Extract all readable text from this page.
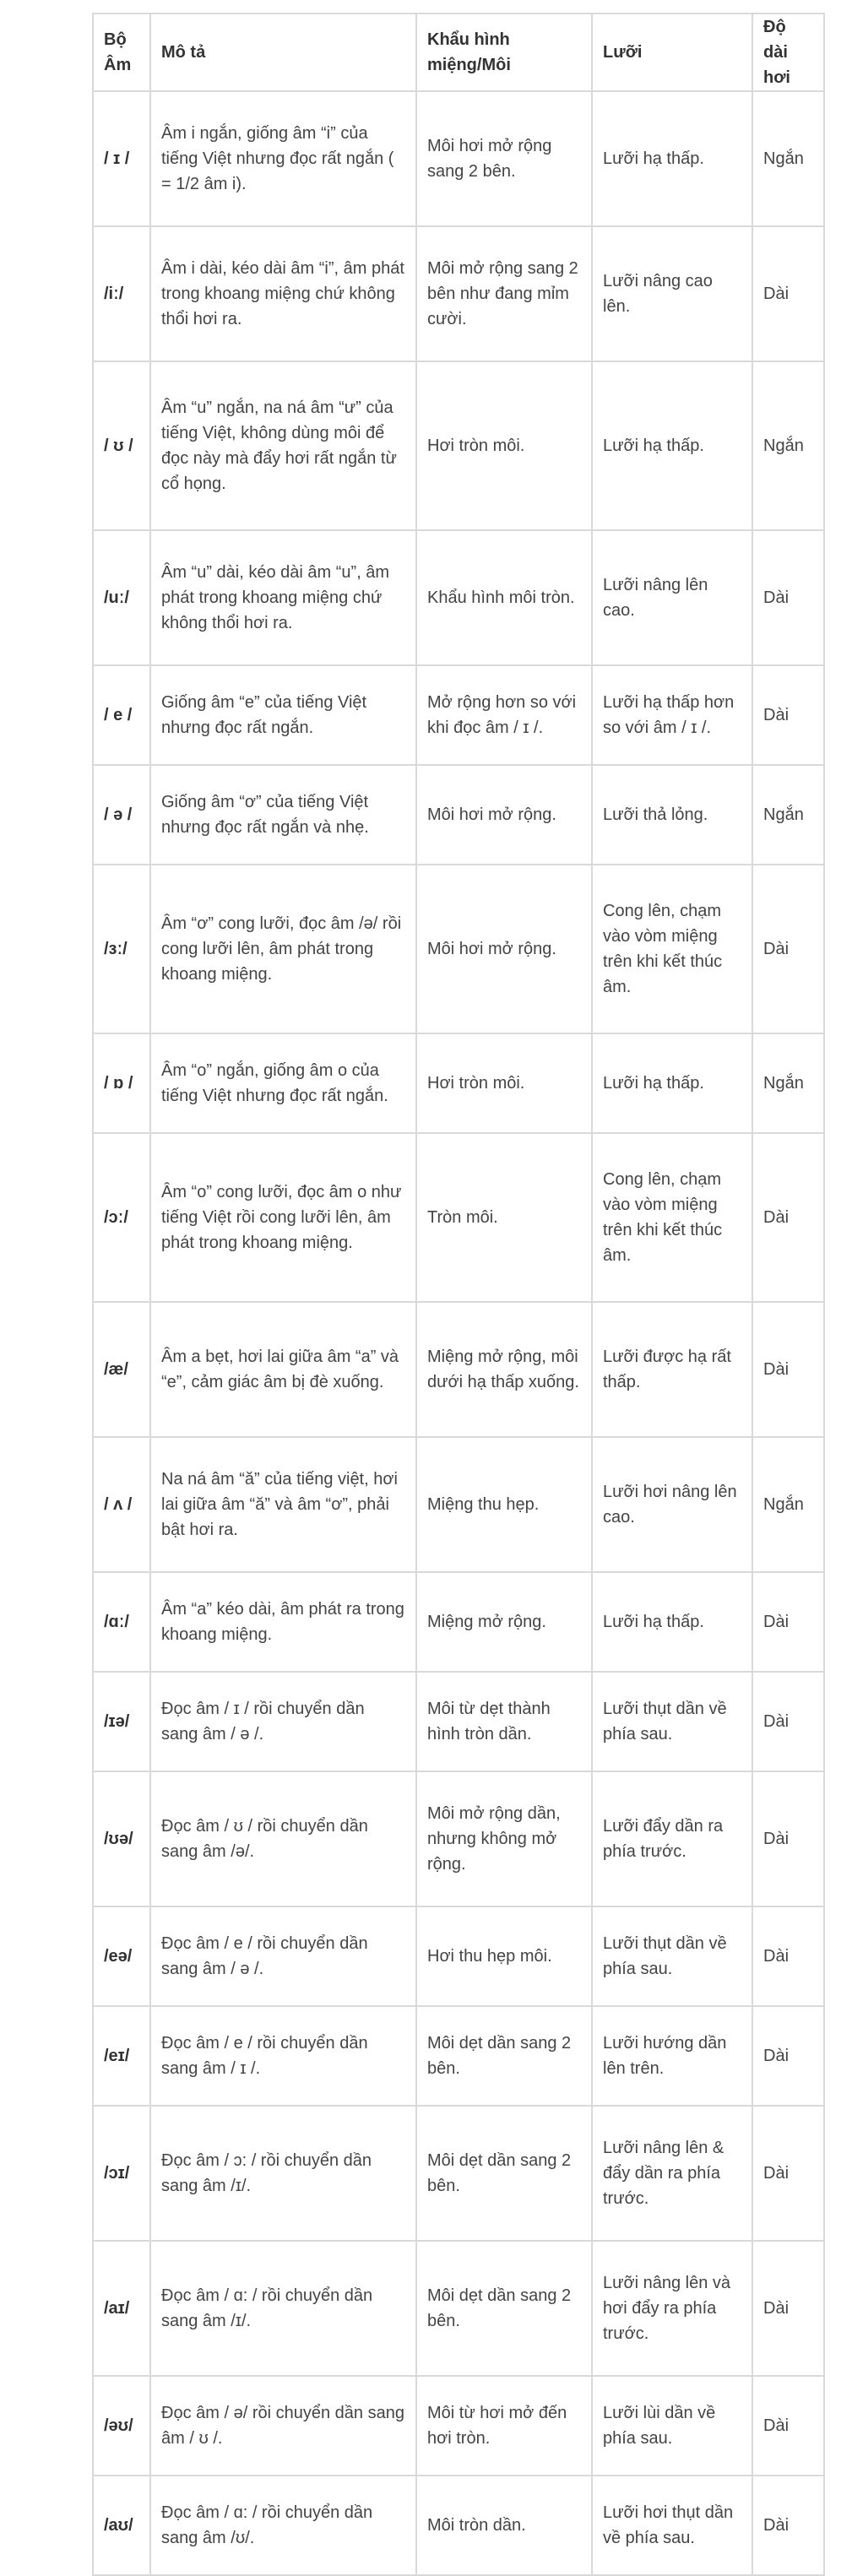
Bộ Âm	Mô tả	Khẩu hình miệng/Môi	Lưỡi	Độ dài hơi
/ ɪ /	Âm i ngắn, giống âm “i” của tiếng Việt nhưng đọc rất ngắn ( = 1/2 âm i).	Môi hơi mở rộng sang 2 bên.	Lưỡi hạ thấp.	Ngắn
/iː/	Âm i dài, kéo dài âm “i”, âm phát trong khoang miệng chứ không thổi hơi ra.	Môi mở rộng sang 2 bên như đang mỉm cười.	Lưỡi nâng cao lên.	Dài
/ ʊ /	Âm “u” ngắn, na ná âm “ư” của tiếng Việt, không dùng môi để đọc này mà đẩy hơi rất ngắn từ cổ họng.	Hơi tròn môi.	Lưỡi hạ thấp.	Ngắn
/uː/	Âm “u” dài, kéo dài âm “u”, âm phát trong khoang miệng chứ không thổi hơi ra.	Khẩu hình môi tròn.	Lưỡi nâng lên cao.	Dài
/ e /	Giống âm “e” của tiếng Việt nhưng đọc rất ngắn.	Mở rộng hơn so với khi đọc âm / ɪ /.	Lưỡi hạ thấp hơn so với âm / ɪ /.	Dài
/ ə /	Giống âm “ơ” của tiếng Việt nhưng đọc rất ngắn và nhẹ.	Môi hơi mở rộng.	Lưỡi thả lỏng.	Ngắn
/ɜː/	Âm “ơ” cong lưỡi, đọc âm /ə/ rồi cong lưỡi lên, âm phát trong khoang miệng.	Môi hơi mở rộng.	Cong lên, chạm vào vòm miệng trên khi kết thúc âm.	Dài
/ ɒ /	Âm “o” ngắn, giống âm o của tiếng Việt nhưng đọc rất ngắn.	Hơi tròn môi.	Lưỡi hạ thấp.	Ngắn
/ɔː/	Âm “o” cong lưỡi, đọc âm o như tiếng Việt rồi cong lưỡi lên, âm phát trong khoang miệng.	Tròn môi.	Cong lên, chạm vào vòm miệng trên khi kết thúc âm.	Dài
/æ/	Âm a bẹt, hơi lai giữa âm “a” và “e”, cảm giác âm bị đè xuống.	Miệng mở rộng, môi dưới hạ thấp xuống.	Lưỡi được hạ rất thấp.	Dài
/ ʌ /	Na ná âm “ă” của tiếng việt, hơi lai giữa âm “ă” và âm “ơ”, phải bật hơi ra.	Miệng thu hẹp.	Lưỡi hơi nâng lên cao.	Ngắn
/ɑː/	Âm “a” kéo dài, âm phát ra trong khoang miệng.	Miệng mở rộng.	Lưỡi hạ thấp.	Dài
/ɪə/	Đọc âm / ɪ / rồi chuyển dần sang âm / ə /.	Môi từ dẹt thành hình tròn dần.	Lưỡi thụt dần về phía sau.	Dài
/ʊə/	Đọc âm / ʊ / rồi chuyển dần sang âm /ə/.	Môi mở rộng dần, nhưng không mở rộng.	Lưỡi đẩy dần ra phía trước.	Dài
/eə/	Đọc âm / e / rồi chuyển dần sang âm / ə /.	Hơi thu hẹp môi.	Lưỡi thụt dần về phía sau.	Dài
/eɪ/	Đọc âm / e / rồi chuyển dần sang âm / ɪ /.	Môi dẹt dần sang 2 bên.	Lưỡi hướng dần lên trên.	Dài
/ɔɪ/	Đọc âm / ɔ: / rồi chuyển dần sang âm /ɪ/.	Môi dẹt dần sang 2 bên.	Lưỡi nâng lên & đẩy dần ra phía trước.	Dài
/aɪ/	Đọc âm / ɑ: / rồi chuyển dần sang âm /ɪ/.	Môi dẹt dần sang 2 bên.	Lưỡi nâng lên và hơi đẩy ra phía trước.	Dài
/əʊ/	Đọc âm / ə/ rồi chuyển dần sang âm / ʊ /.	Môi từ hơi mở đến hơi tròn.	Lưỡi lùi dần về phía sau.	Dài
/aʊ/	Đọc âm / ɑ: / rồi chuyển dần sang âm /ʊ/.	Môi tròn dần.	Lưỡi hơi thụt dần về phía sau.	Dài
